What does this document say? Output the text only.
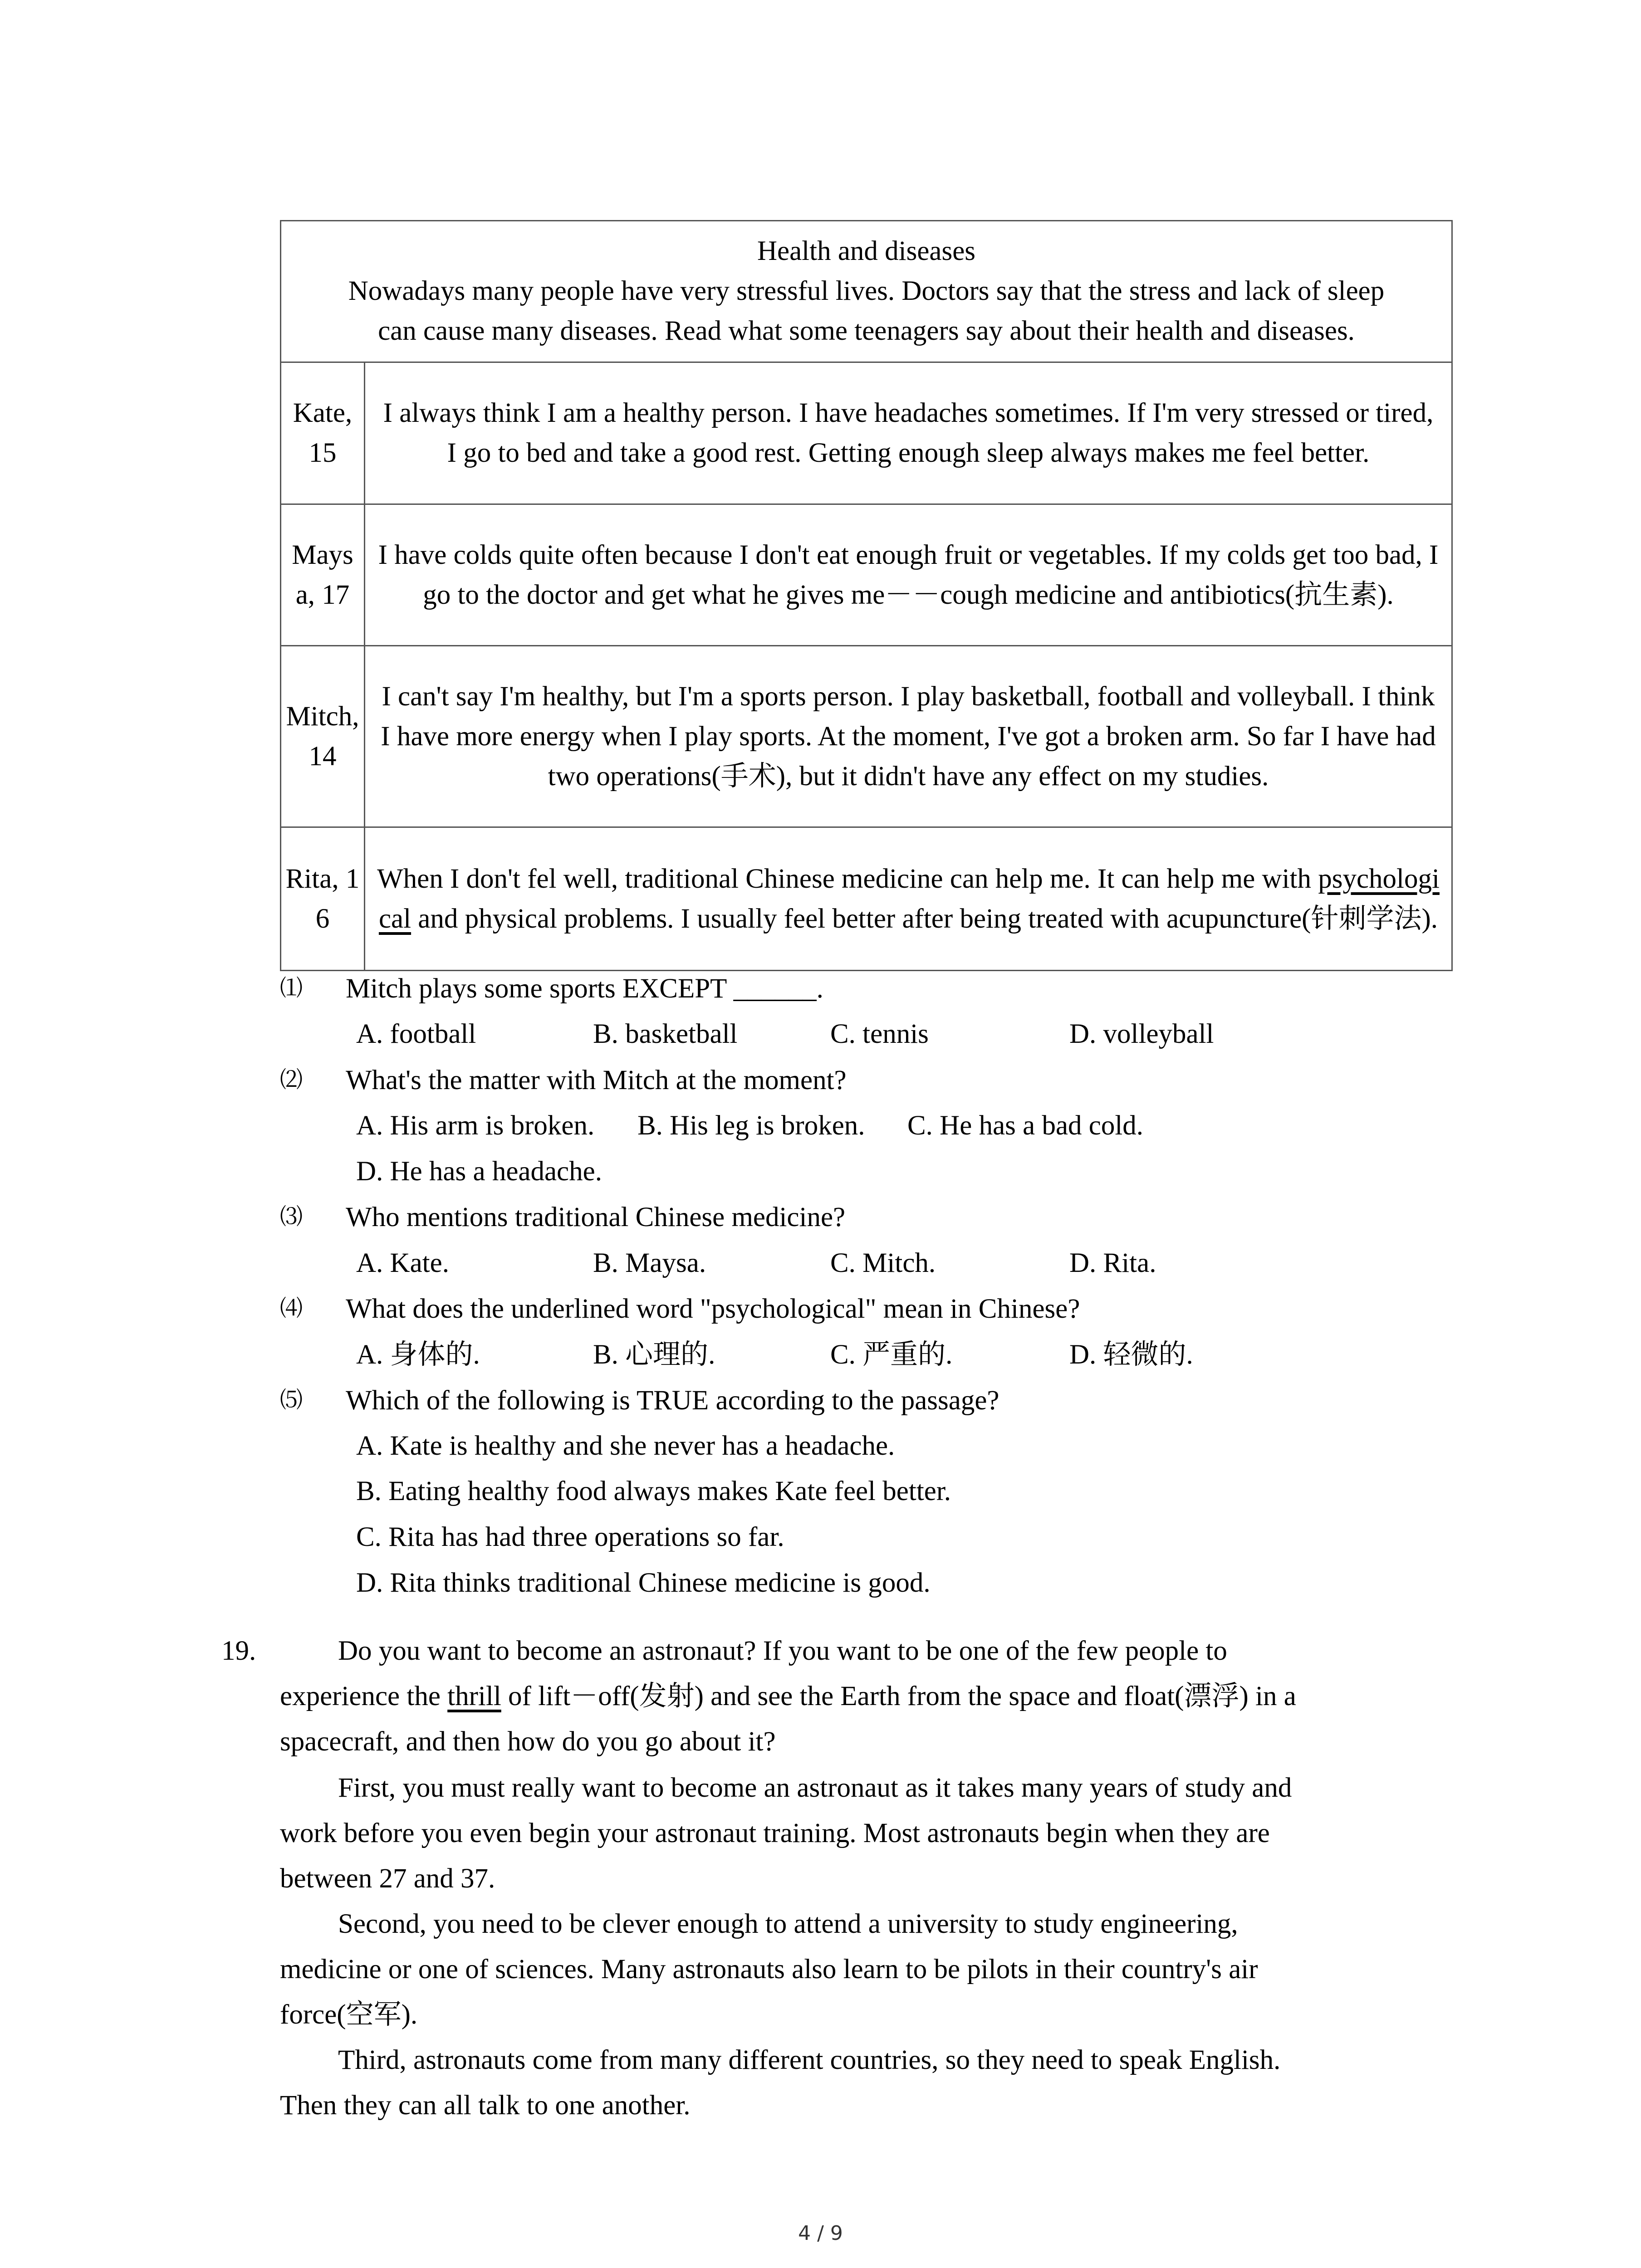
Health and diseases
Nowadays many people have very stressful lives. Doctors say that the stress and lack of sleep
can cause many diseases. Read what some teenagers say about their health and diseases.
Kate, 15
I always think I am a healthy person. I have headaches sometimes. If I'm very stressed or tired, I go to bed and take a good rest. Getting enough sleep always makes me feel better.
Maysa, 17
I have colds quite often because I don't eat enough fruit or vegetables. If my colds get too bad, I go to the doctor and get what he gives me－－cough medicine and antibiotics(抗生素).
Mitch, 14
I can't say I'm healthy, but I'm a sports person. I play basketball, football and volleyball. I think I have more energy when I play sports. At the moment, I've got a broken arm. So far I have had two operations(手术), but it didn't have any effect on my studies.
Rita, 16
When I don't fel well, traditional Chinese medicine can help me. It can help me with psychological and physical problems. I usually feel better after being treated with acupuncture(针刺学法).
⑴ Mitch plays some sports EXCEPT ______.
A. football	B. basketball	C. tennis	D. volleyball
⑵ What's the matter with Mitch at the moment?
A. His arm is broken. B. His leg is broken. C. He has a bad cold.
D. He has a headache.
⑶ Who mentions traditional Chinese medicine?
A. Kate.	B. Maysa.	C. Mitch.	D. Rita.
⑷ What does the underlined word "psychological" mean in Chinese?
A. 身体的.	B. 心理的.	C. 严重的.	D. 轻微的.
⑸ Which of the following is TRUE according to the passage?
A. Kate is healthy and she never has a headache.
B. Eating healthy food always makes Kate feel better.
C. Rita has had three operations so far.
D. Rita thinks traditional Chinese medicine is good.
19.	Do you want to become an astronaut? If you want to be one of the few people to
experience the thrill of lift－off(发射) and see the Earth from the space and float(漂浮) in a
spacecraft, and then how do you go about it?
First, you must really want to become an astronaut as it takes many years of study and
work before you even begin your astronaut training. Most astronauts begin when they are
between 27 and 37.
Second, you need to be clever enough to attend a university to study engineering,
medicine or one of sciences. Many astronauts also learn to be pilots in their country's air
force(空军).
Third, astronauts come from many different countries, so they need to speak English.
Then they can all talk to one another.
4 / 9
